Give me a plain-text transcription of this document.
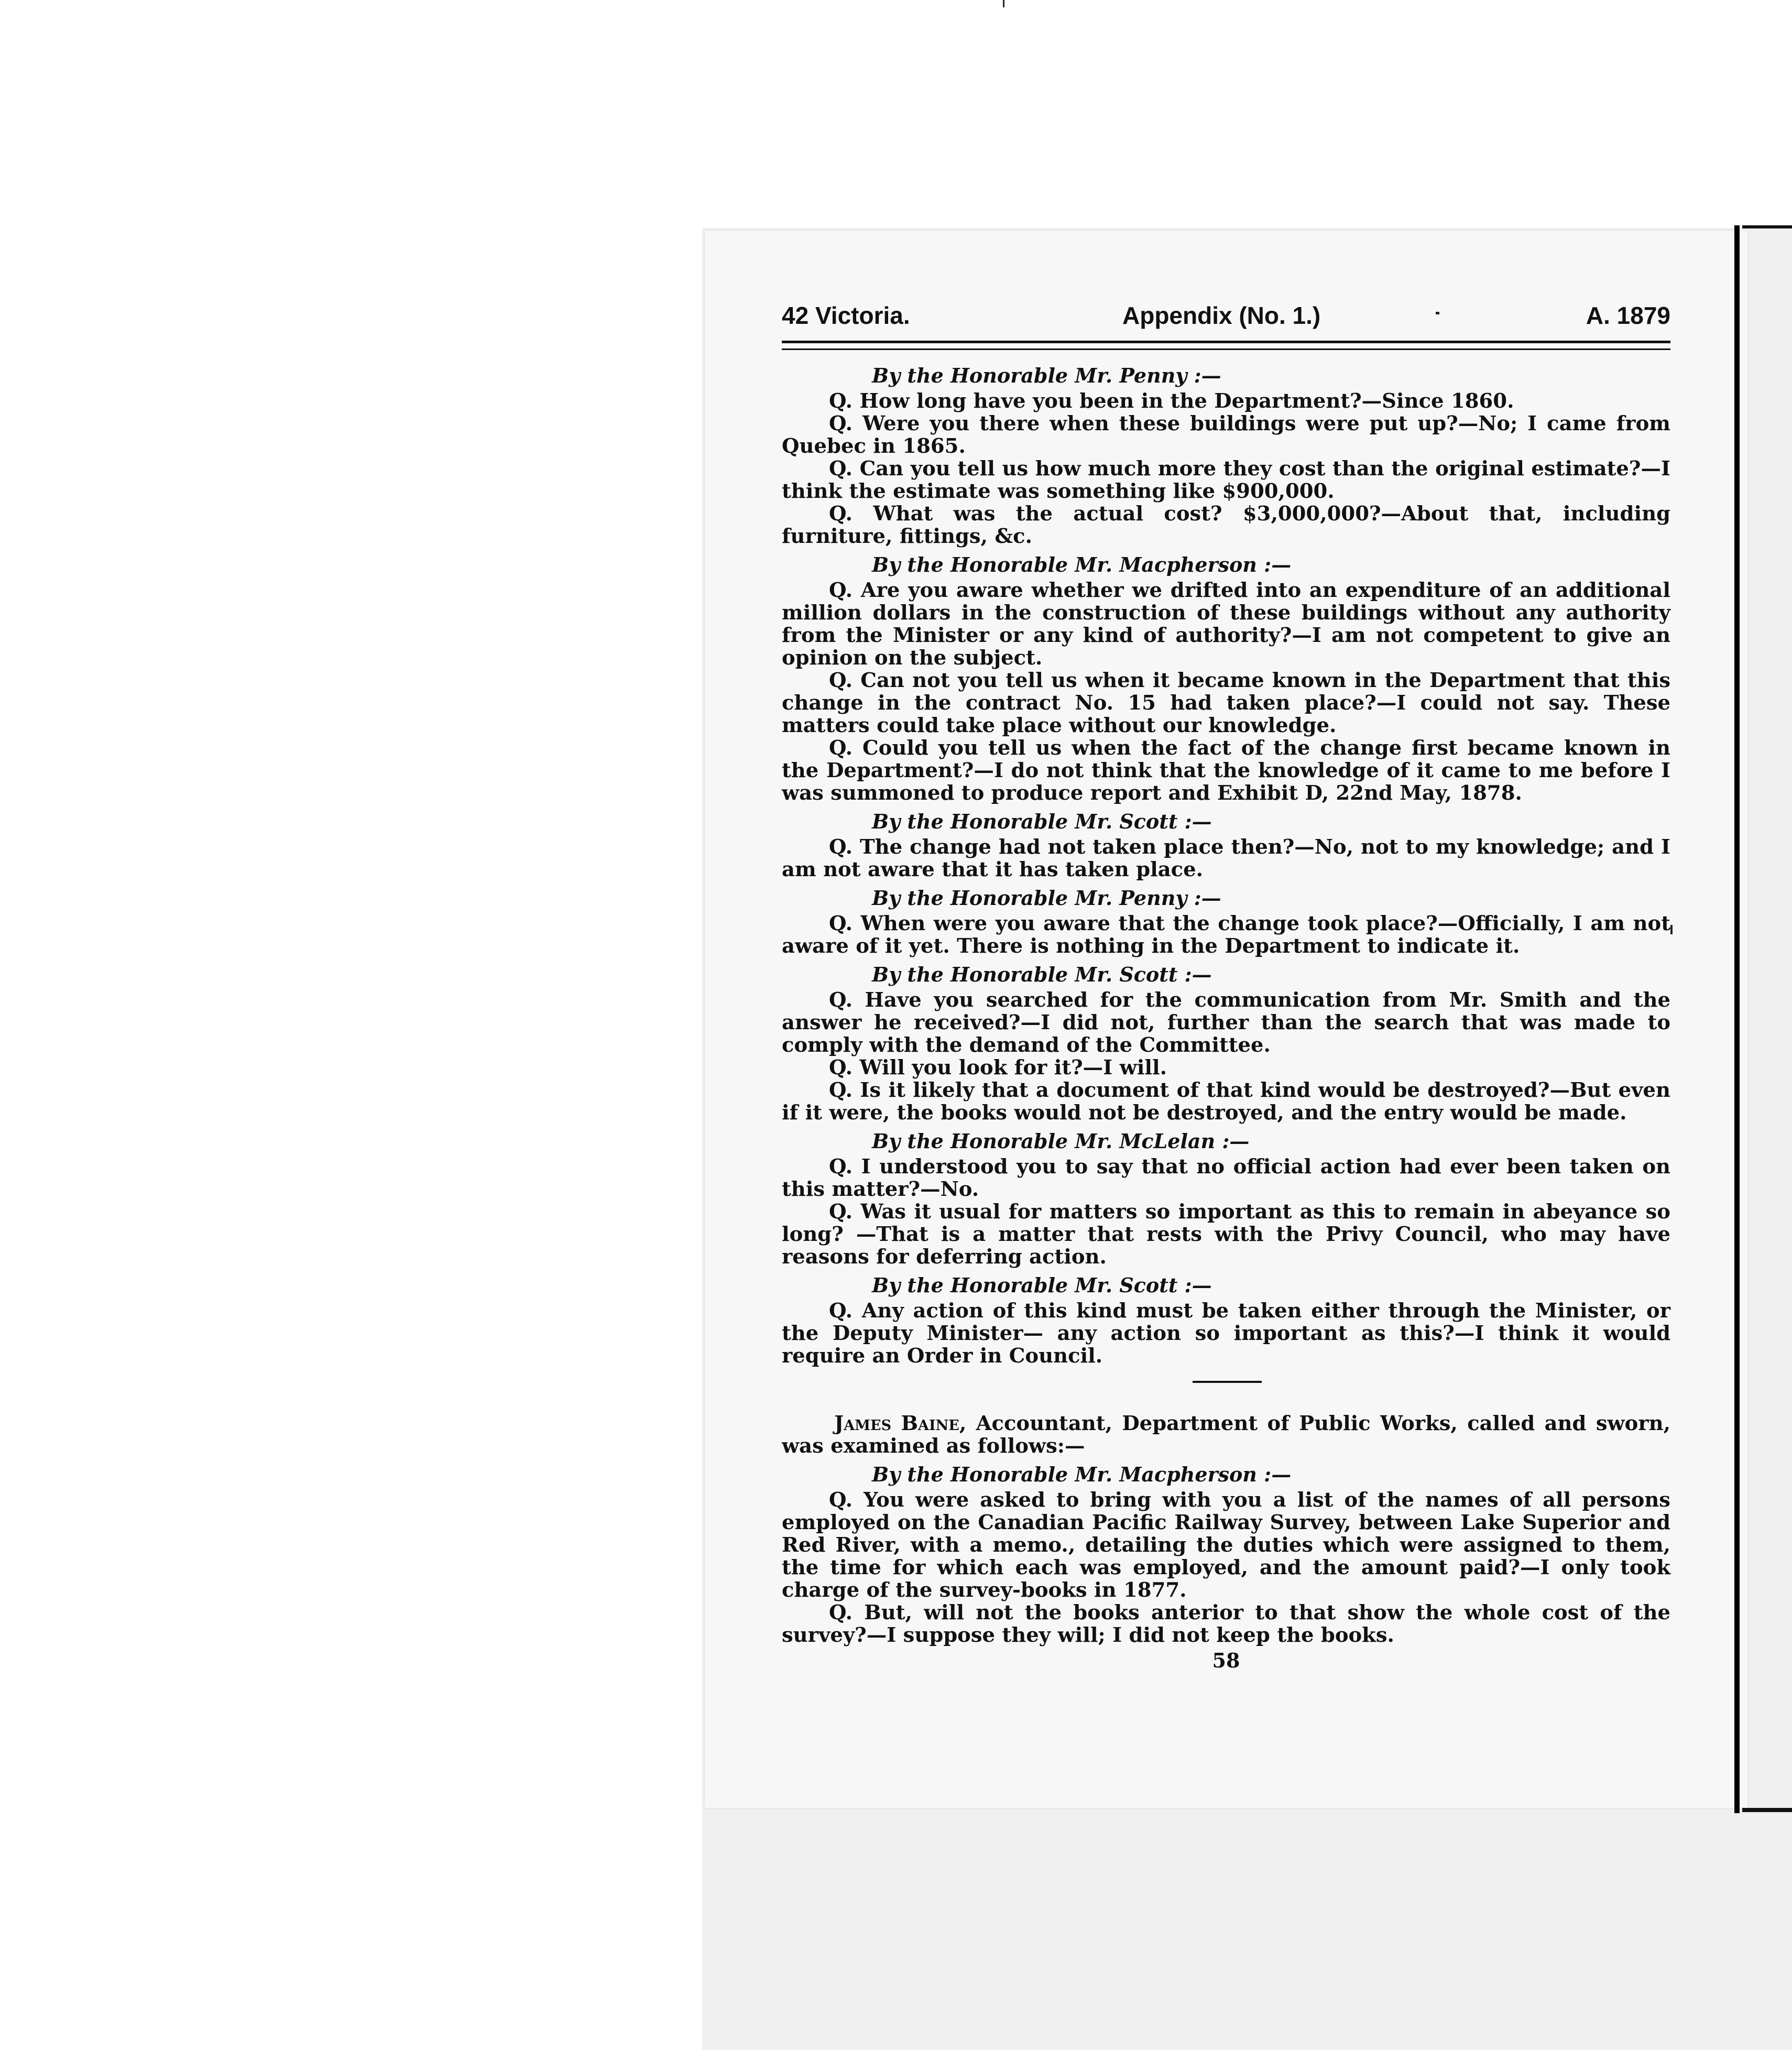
42 Victoria.	Appendix (No. 1.)	A. 1879
By the Honorable Mr. Penny :—

Q. How long have you been in the Department?—Since 1860.

Q. Were you there when these buildings were put up?—No; I came from Quebec in 1865.

Q. Can you tell us how much more they cost than the original estimate?—I think the estimate was something like $900,000.

Q. What was the actual cost? $3,000,000?—About that, including furniture, fittings, &c.

By the Honorable Mr. Macpherson :—

Q. Are you aware whether we drifted into an expenditure of an additional million dollars in the construction of these buildings without any authority from the Minister or any kind of authority?—I am not competent to give an opinion on the subject.

Q. Can not you tell us when it became known in the Department that this change in the contract No. 15 had taken place?—I could not say. These matters could take place without our knowledge.

Q. Could you tell us when the fact of the change first became known in the Department?—I do not think that the knowledge of it came to me before I was summoned to produce report and Exhibit D, 22nd May, 1878.

By the Honorable Mr. Scott :—

Q. The change had not taken place then?—No, not to my knowledge; and I am not aware that it has taken place.

By the Honorable Mr. Penny :—

Q. When were you aware that the change took place?—Officially, I am not aware of it yet. There is nothing in the Department to indicate it.

By the Honorable Mr. Scott :—

Q. Have you searched for the communication from Mr. Smith and the answer he received?—I did not, further than the search that was made to comply with the demand of the Committee.

Q. Will you look for it?—I will.

Q. Is it likely that a document of that kind would be destroyed?—But even if it were, the books would not be destroyed, and the entry would be made.

By the Honorable Mr. McLelan :—

Q. I understood you to say that no official action had ever been taken on this matter?—No.

Q. Was it usual for matters so important as this to remain in abeyance so long? —That is a matter that rests with the Privy Council, who may have reasons for deferring action.

By the Honorable Mr. Scott :—

Q. Any action of this kind must be taken either through the Minister, or the Deputy Minister— any action so important as this?—I think it would require an Order in Council.

James Baine, Accountant, Department of Public Works, called and sworn, was examined as follows:—

By the Honorable Mr. Macpherson :—

Q. You were asked to bring with you a list of the names of all persons employed on the Canadian Pacific Railway Survey, between Lake Superior and Red River, with a memo., detailing the duties which were assigned to them, the time for which each was employed, and the amount paid?—I only took charge of the survey-books in 1877.

Q. But, will not the books anterior to that show the whole cost of the survey?—I suppose they will; I did not keep the books.

58
